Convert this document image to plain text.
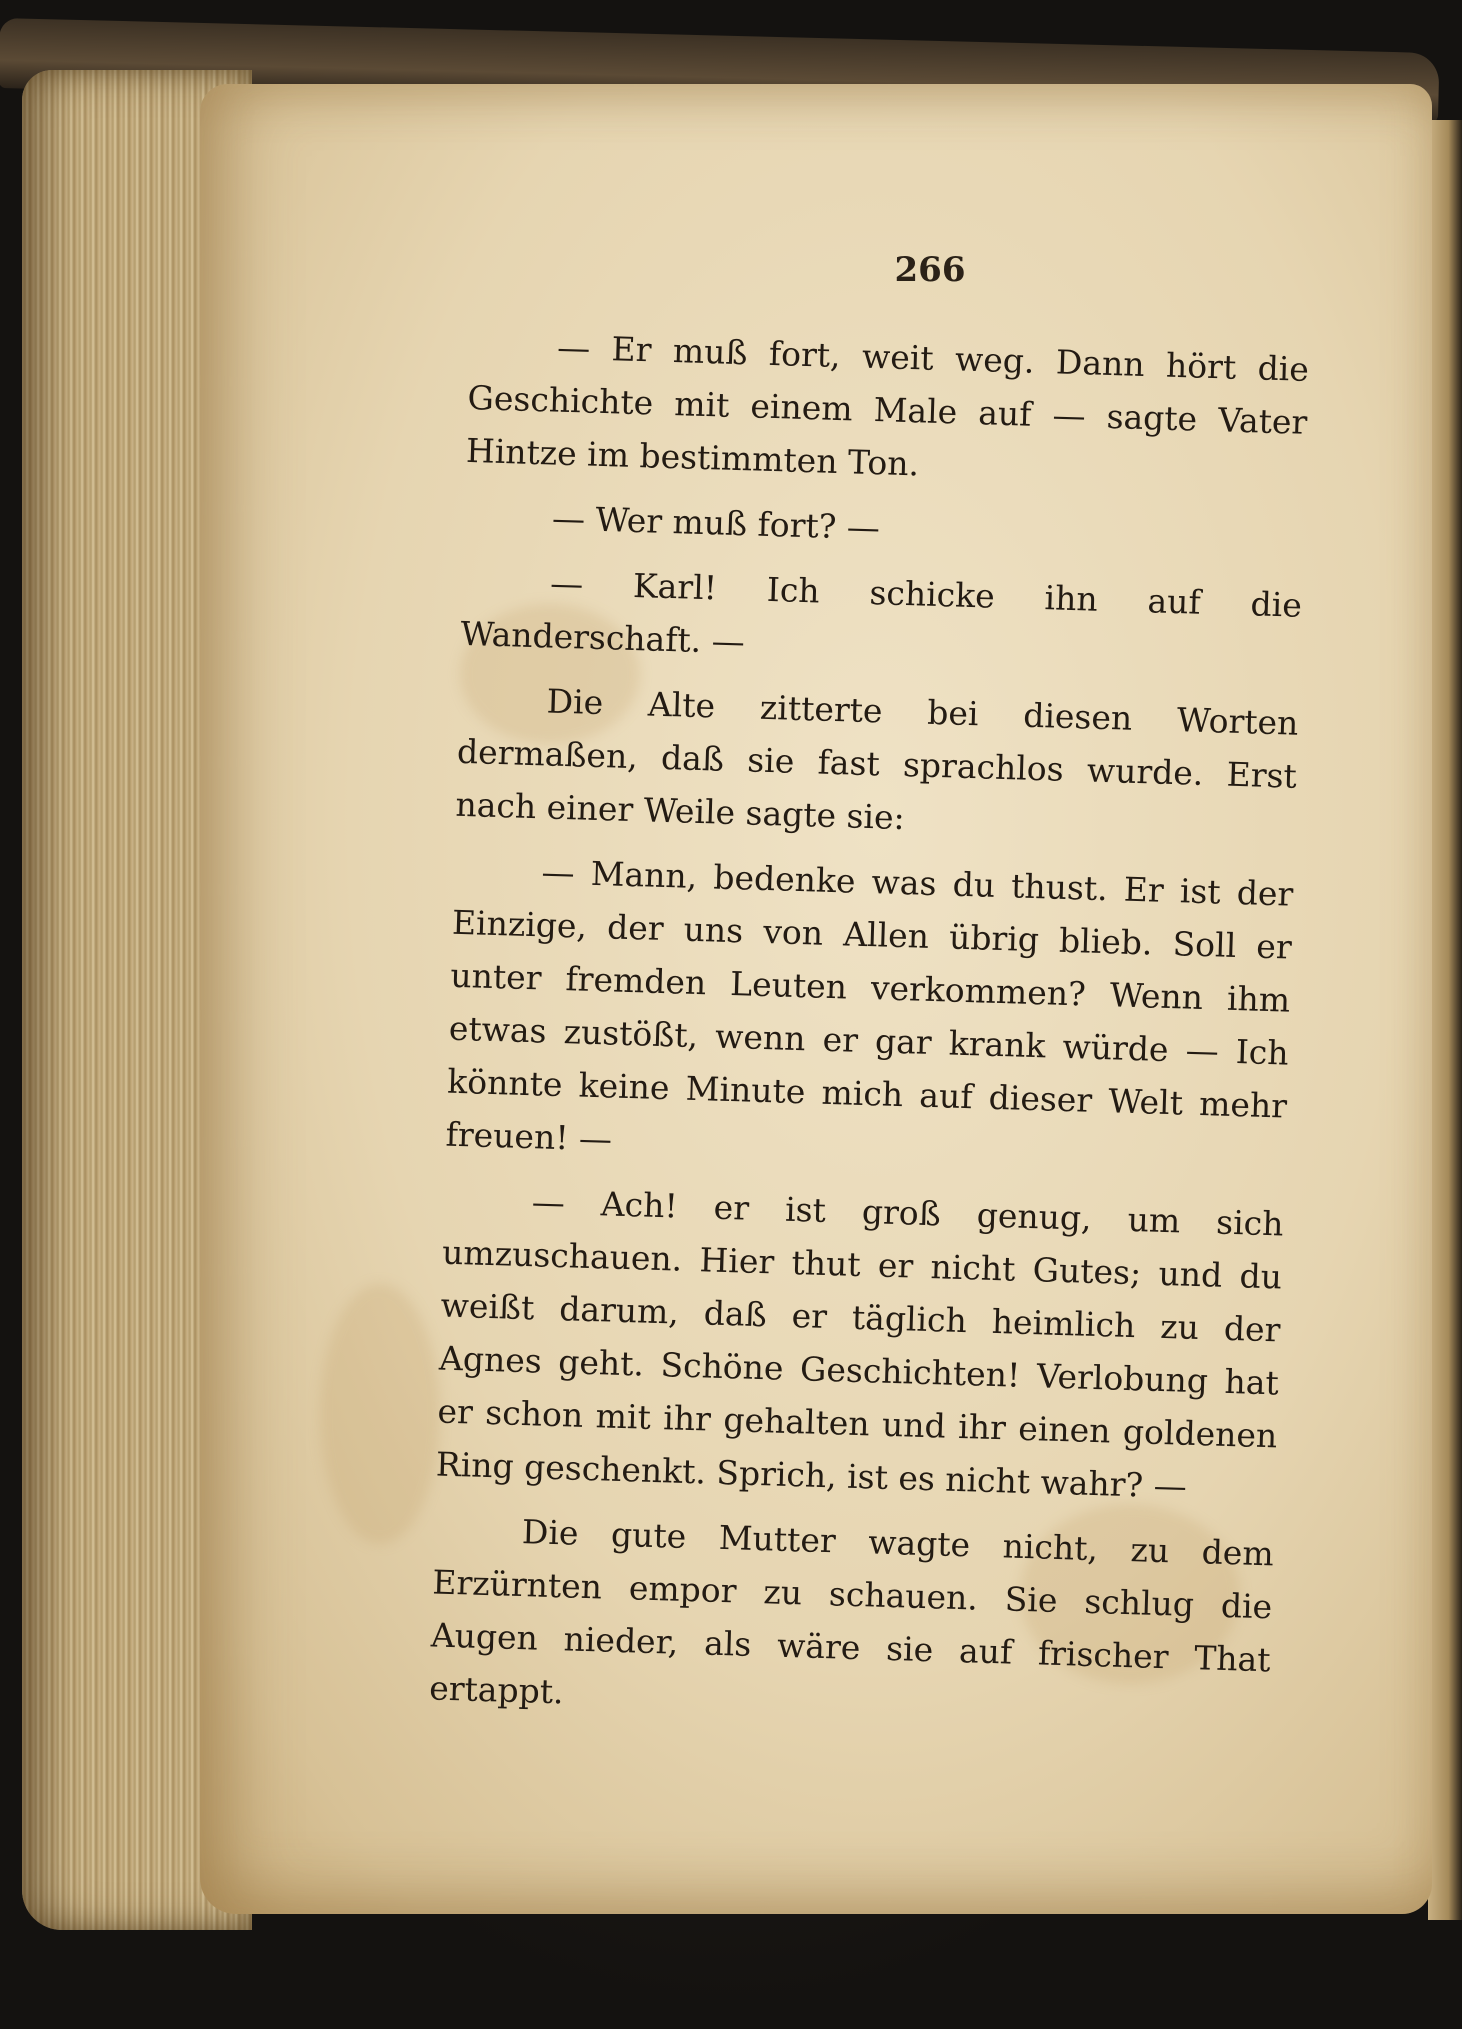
266

— Er muß fort, weit weg. Dann hört die Geschichte mit einem Male auf — sagte Vater Hintze im bestimmten Ton.

— Wer muß fort? —

— Karl! Ich schicke ihn auf die Wanderschaft. —

Die Alte zitterte bei diesen Worten dermaßen, daß sie fast sprachlos wurde. Erst nach einer Weile sagte sie:

— Mann, bedenke was du thust. Er ist der Einzige, der uns von Allen übrig blieb. Soll er unter fremden Leuten verkommen? Wenn ihm etwas zustößt, wenn er gar krank würde — Ich könnte keine Minute mich auf dieser Welt mehr freuen! —

— Ach! er ist groß genug, um sich umzuschauen. Hier thut er nicht Gutes; und du weißt darum, daß er täglich heimlich zu der Agnes geht. Schöne Geschichten! Verlobung hat er schon mit ihr gehalten und ihr einen goldenen Ring geschenkt. Sprich, ist es nicht wahr? —

Die gute Mutter wagte nicht, zu dem Erzürnten empor zu schauen. Sie schlug die Augen nieder, als wäre sie auf frischer That ertappt.
